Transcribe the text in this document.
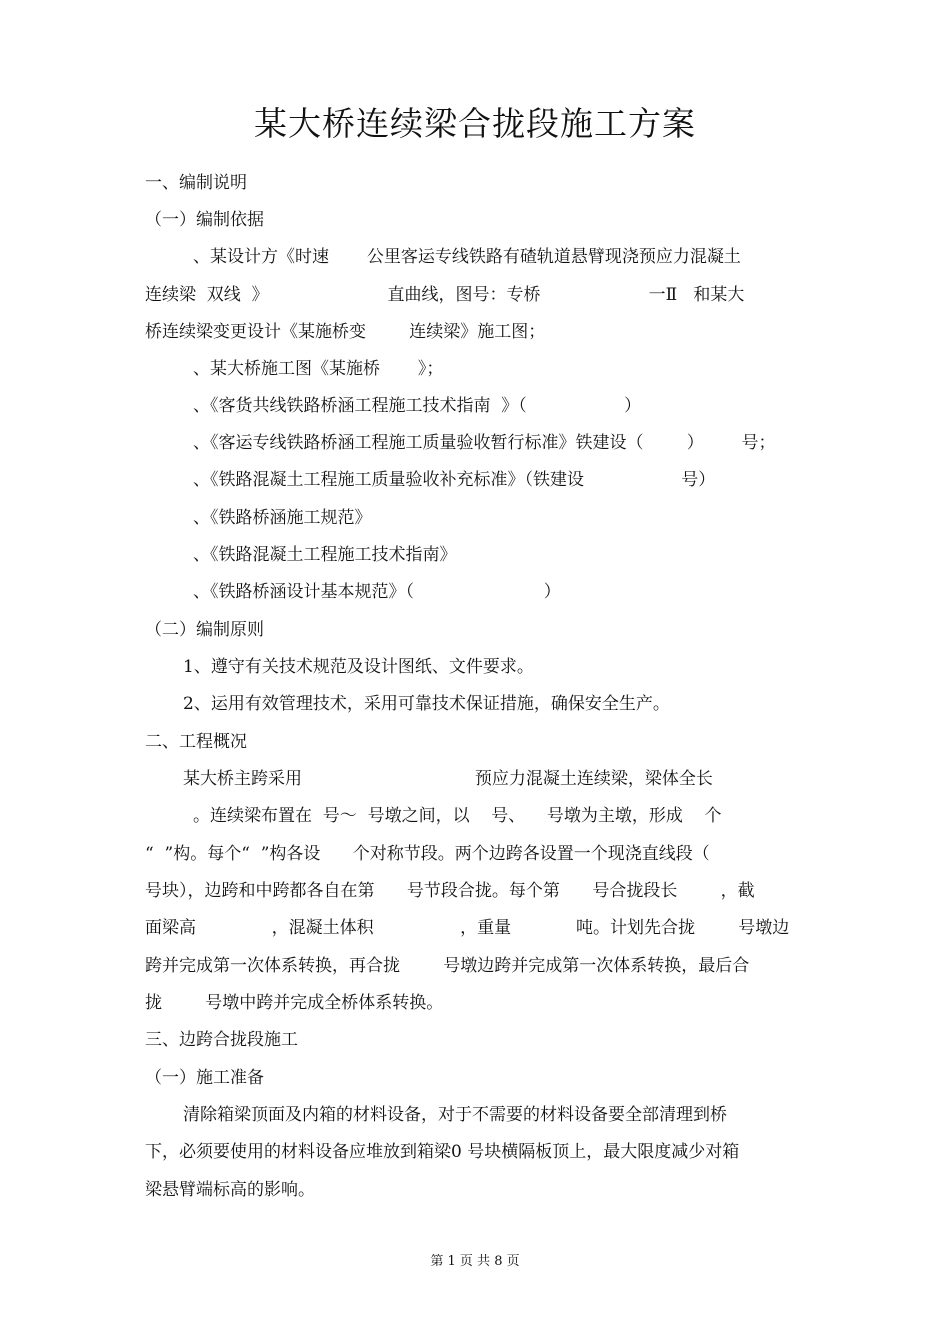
某大桥连续梁合拢段施工方案
一、编制说明
（一）编制依据
、某设计方《时速       公里客运专线铁路有碴轨道悬臂现浇预应力混凝土
连续梁  双线  》                      直曲线，图号：专桥                    一Ⅱ   和某大
桥连续梁变更设计《某施桥变        连续梁》施工图；
、某大桥施工图《某施桥       》；
、《客货共线铁路桥涵工程施工技术指南  》（                  ）
、《客运专线铁路桥涵工程施工质量验收暂行标准》铁建设（        ）       号；
、《铁路混凝土工程施工质量验收补充标准》（铁建设                  号）
、《铁路桥涵施工规范》
、《铁路混凝土工程施工技术指南》
、《铁路桥涵设计基本规范》（                        ）
（二）编制原则
1、遵守有关技术规范及设计图纸、文件要求。
2、运用有效管理技术，采用可靠技术保证措施，确保安全生产。
二、工程概况
某大桥主跨采用                                预应力混凝土连续梁，梁体全长
。连续梁布置在  号～  号墩之间，以    号、    号墩为主墩，形成    个
“  ”构。每个“  ”构各设      个对称节段。两个边跨各设置一个现浇直线段（
号块），边跨和中跨都各自在第      号节段合拢。每个第      号合拢段长        ，截
面梁高              ，混凝土体积                ，重量            吨。计划先合拢        号墩边
跨并完成第一次体系转换，再合拢        号墩边跨并完成第一次体系转换，最后合
拢        号墩中跨并完成全桥体系转换。
三、边跨合拢段施工
（一）施工准备
清除箱梁顶面及内箱的材料设备，对于不需要的材料设备要全部清理到桥
下，必须要使用的材料设备应堆放到箱梁0 号块横隔板顶上，最大限度减少对箱
梁悬臂端标高的影响。
第 1 页 共 8 页
